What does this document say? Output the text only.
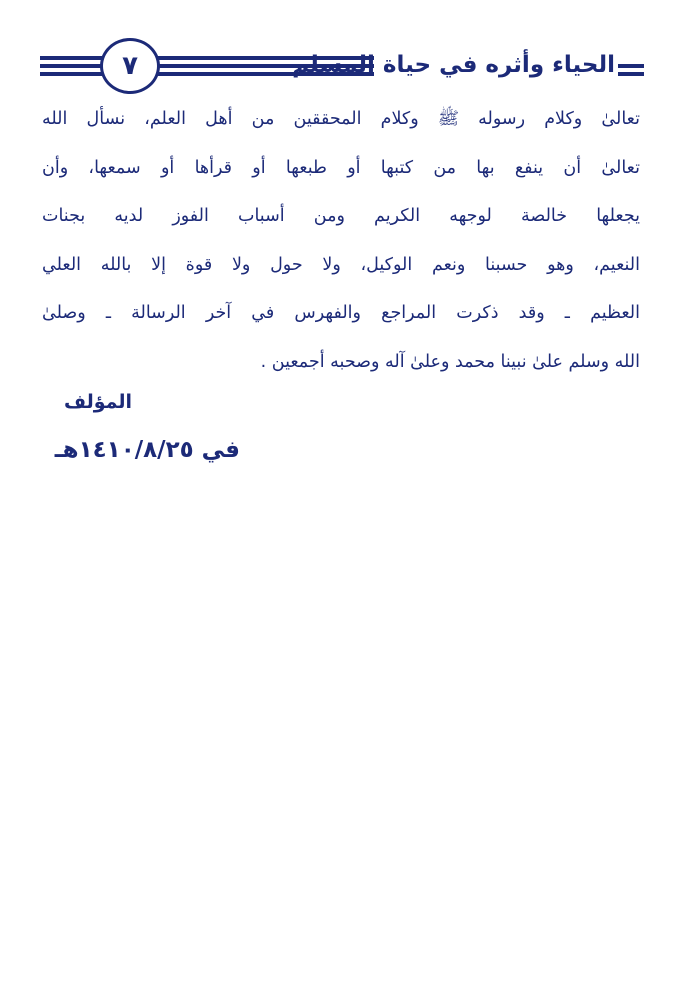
٧	الحياء وأثره في حياة المسلم
تعالىٰ وكلام رسوله ﷺ وكلام المحققين من أهل العلم، نسأل الله
تعالىٰ أن ينفع بها من كتبها أو طبعها أو قرأها أو سمعها، وأن
يجعلها خالصة لوجهه الكريم ومن أسباب الفوز لديه بجنات
النعيم، وهو حسبنا ونعم الوكيل، ولا حول ولا قوة إلا بالله العلي
العظيم ـ وقد ذكرت المراجع والفهرس في آخر الرسالة ـ وصلىٰ
الله وسلم علىٰ نبينا محمد وعلىٰ آله وصحبه أجمعين .
المؤلف
في ١٤١٠/٨/٢٥هـ
